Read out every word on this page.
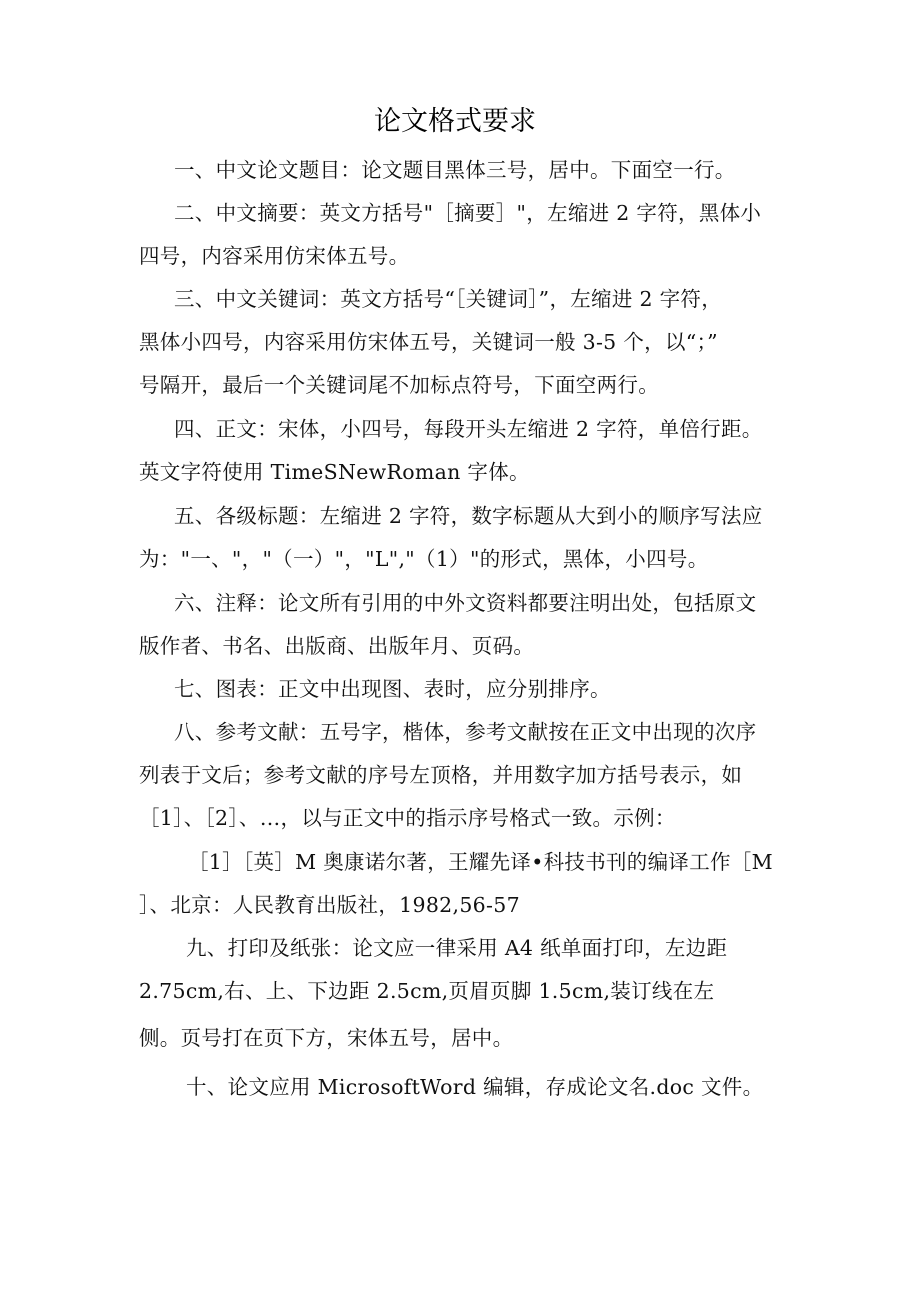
论文格式要求
一、中文论文题目：论文题目黑体三号，居中。下面空一行。
二、中文摘要：英文方括号"［摘要］"，左缩进 2 字符，黑体小
四号，内容采用仿宋体五号。
三、中文关键词：英文方括号“［关键词］”，左缩进 2 字符，
黑体小四号，内容采用仿宋体五号，关键词一般 3-5 个，以“；”
号隔开，最后一个关键词尾不加标点符号，下面空两行。
四、正文：宋体，小四号，每段开头左缩进 2 字符，单倍行距。
英文字符使用 TimeSNewRoman 字体。
五、各级标题：左缩进 2 字符，数字标题从大到小的顺序写法应
为："一、"，"（一）"，"L","（1）"的形式，黑体，小四号。
六、注释：论文所有引用的中外文资料都要注明出处，包括原文
版作者、书名、出版商、出版年月、页码。
七、图表：正文中出现图、表时，应分别排序。
八、参考文献：五号字，楷体，参考文献按在正文中出现的次序
列表于文后；参考文献的序号左顶格，并用数字加方括号表示，如
［1］、［2］、…，以与正文中的指示序号格式一致。示例：
［1］［英］M 奥康诺尔著，王耀先译•科技书刊的编译工作［M
］、北京：人民教育出版社，1982,56-57
九、打印及纸张：论文应一律采用 A4 纸单面打印，左边距
2.75cm,右、上、下边距 2.5cm,页眉页脚 1.5cm,装订线在左
侧。页号打在页下方，宋体五号，居中。
十、论文应用 MicrosoftWord 编辑，存成论文名.doc 文件。
